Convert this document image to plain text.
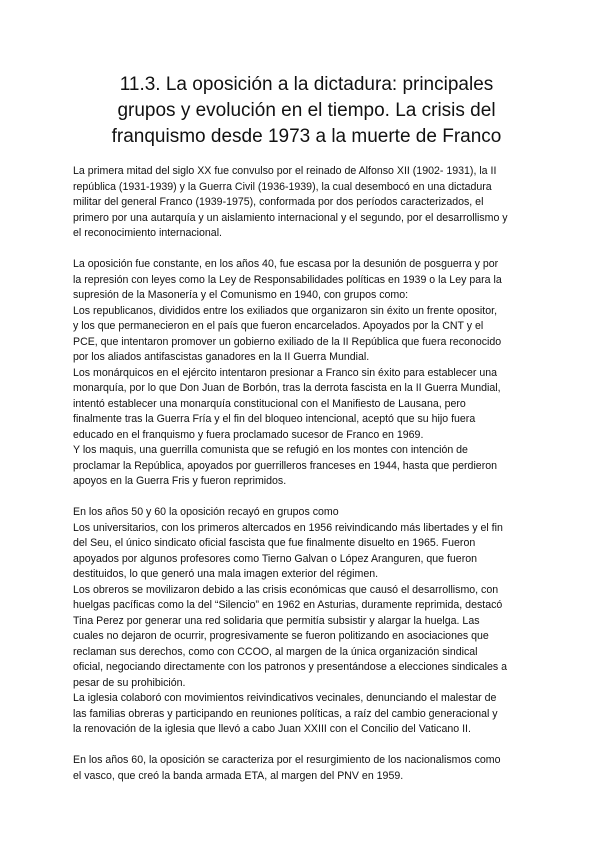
11.3. La oposición a la dictadura: principales
grupos y evolución en el tiempo. La crisis del
franquismo desde 1973 a la muerte de Franco

La primera mitad del siglo XX fue convulso por el reinado de Alfonso XII (1902- 1931), la II

república (1931-1939) y la Guerra Civil (1936-1939), la cual desembocó en una dictadura

militar del general Franco (1939-1975), conformada por dos períodos caracterizados, el

primero por una autarquía y un aislamiento internacional y el segundo, por el desarrollismo y

el reconocimiento internacional.

La oposición fue constante, en los años 40, fue escasa por la desunión de posguerra y por

la represión con leyes como la Ley de Responsabilidades políticas en 1939 o la Ley para la

supresión de la Masonería y el Comunismo en 1940, con grupos como:

Los republicanos, divididos entre los exiliados que organizaron sin éxito un frente opositor,

y los que permanecieron en el país que fueron encarcelados. Apoyados por la CNT y el

PCE, que intentaron promover un gobierno exiliado de la II República que fuera reconocido

por los aliados antifascistas ganadores en la II Guerra Mundial.

Los monárquicos en el ejército intentaron presionar a Franco sin éxito para establecer una

monarquía, por lo que Don Juan de Borbón, tras la derrota fascista en la II Guerra Mundial,

intentó establecer una monarquía constitucional con el Manifiesto de Lausana, pero

finalmente tras la Guerra Fría y el fin del bloqueo intencional, aceptó que su hijo fuera

educado en el franquismo y fuera proclamado sucesor de Franco en 1969.

Y los maquis, una guerrilla comunista que se refugió en los montes con intención de

proclamar la República, apoyados por guerrilleros franceses en 1944, hasta que perdieron

apoyos en la Guerra Fris y fueron reprimidos.

En los años 50 y 60 la oposición recayó en grupos como

Los universitarios, con los primeros altercados en 1956 reivindicando más libertades y el fin

del Seu, el único sindicato oficial fascista que fue finalmente disuelto en 1965. Fueron

apoyados por algunos profesores como Tierno Galvan o López Aranguren, que fueron

destituidos, lo que generó una mala imagen exterior del régimen.

Los obreros se movilizaron debido a las crisis económicas que causó el desarrollismo, con

huelgas pacíficas como la del “Silencio” en 1962 en Asturias, duramente reprimida, destacó

Tina Perez por generar una red solidaria que permitía subsistir y alargar la huelga. Las

cuales no dejaron de ocurrir, progresivamente se fueron politizando en asociaciones que

reclaman sus derechos, como con CCOO, al margen de la única organización sindical

oficial, negociando directamente con los patronos y presentándose a elecciones sindicales a

pesar de su prohibición.

La iglesia colaboró con movimientos reivindicativos vecinales, denunciando el malestar de

las familias obreras y participando en reuniones políticas, a raíz del cambio generacional y

la renovación de la iglesia que llevó a cabo Juan XXIII con el Concilio del Vaticano II.

En los años 60, la oposición se caracteriza por el resurgimiento de los nacionalismos como

el vasco, que creó la banda armada ETA, al margen del PNV en 1959.
